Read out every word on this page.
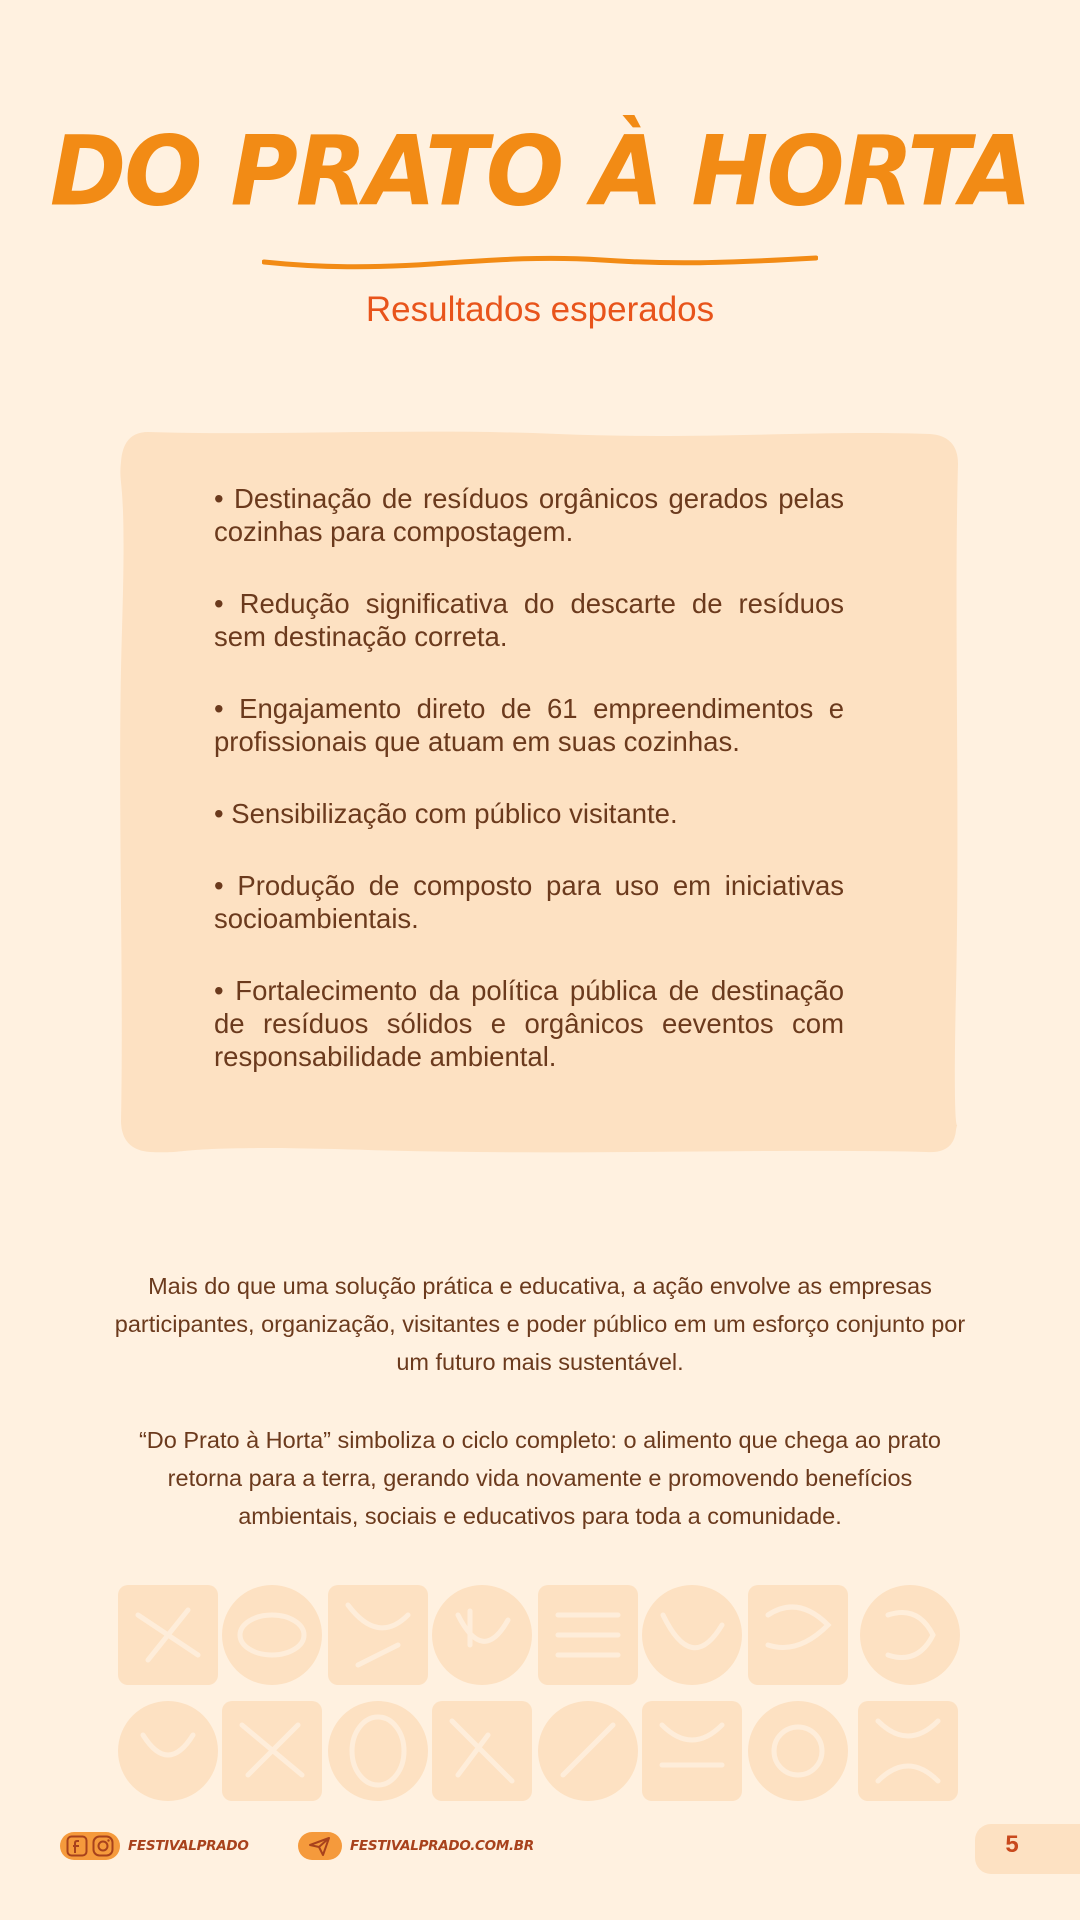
DO PRATO À HORTA
Resultados esperados

• Destinação de resíduos orgânicos gerados pelas cozinhas para compostagem.

• Redução significativa do descarte de resíduos sem destinação correta.

• Engajamento direto de 61 empreendimentos e profissionais que atuam em suas cozinhas.

• Sensibilização com público visitante.

• Produção de composto para uso em iniciativas socioambientais.

• Fortalecimento da política pública de destinação de resíduos sólidos e orgânicos eeventos com responsabilidade ambiental.

Mais do que uma solução prática e educativa, a ação envolve as empresas participantes, organização, visitantes e poder público em um esforço conjunto por um futuro mais sustentável.

“Do Prato à Horta” simboliza o ciclo completo: o alimento que chega ao prato retorna para a terra, gerando vida novamente e promovendo benefícios ambientais, sociais e educativos para toda a comunidade.

FESTIVALPRADO	FESTIVALPRADO.COM.BR	5
